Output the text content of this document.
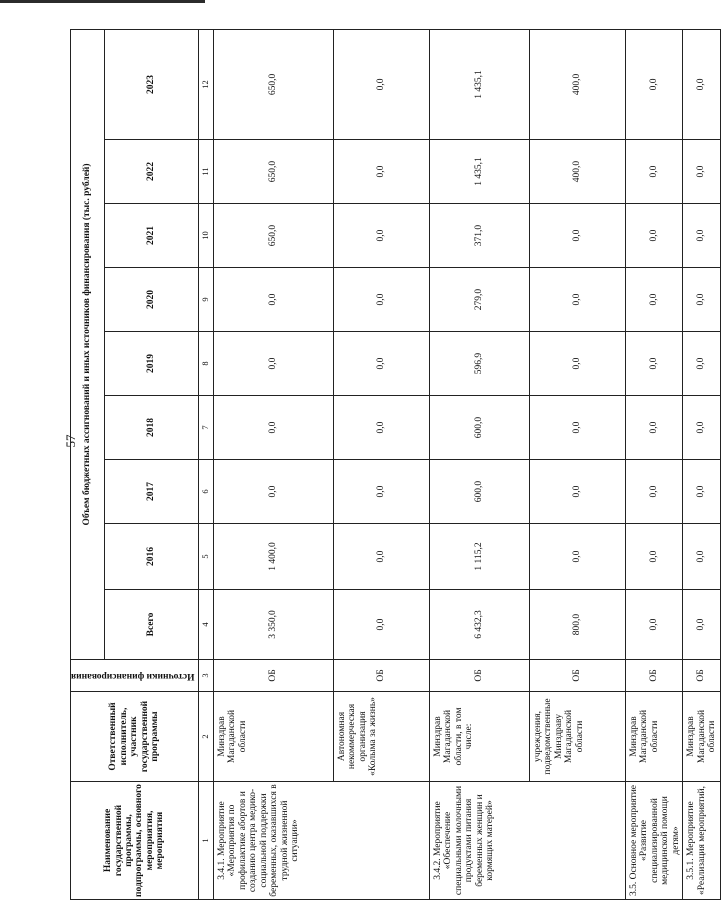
57
Наименование государственной программы, подпрограммы, основного мероприятия, мероприятия	Ответственный исполнитель, участник государственной программы	Источники финансирования	Объем бюджетных ассигнований и иных источников финансирования (тыс. рублей)								
			Всего	2016	2017	2018	2019	2020	2021	2022	2023
1	2	3	4	5	6	7	8	9	10	11	12
3.4.1. Мероприятие «Мероприятия по профилактике абортов и созданию центра медико-социальной поддержки беременных, оказавшихся в трудной жизненной ситуации»	Минздрав Магаданской области	ОБ	3 350,0	1 400,0	0,0	0,0	0,0	0,0	650,0	650,0	650,0
	Автономная некоммерческая организация «Колыма за жизнь»	ОБ	0,0	0,0	0,0	0,0	0,0	0,0	0,0	0,0	0,0
3.4.2. Мероприятие «Обеспечение специальными молочными продуктами питания беременных женщин и кормящих матерей»	Минздрав Магаданской области, в том числе:	ОБ	6 432,3	1 115,2	600,0	600,0	596,9	279,0	371,0	1 435,1	1 435,1
	учреждения, подведомственные Минздраву Магаданской области	ОБ	800,0	0,0	0,0	0,0	0,0	0,0	0,0	400,0	400,0
3.5. Основное мероприятие «Развитие специализированной медицинской помощи детям»	Минздрав Магаданской области	ОБ	0,0	0,0	0,0	0,0	0,0	0,0	0,0	0,0	0,0
3.5.1. Мероприятие «Реализация мероприятий,	Минздрав Магаданской области	ОБ	0,0	0,0	0,0	0,0	0,0	0,0	0,0	0,0	0,0
